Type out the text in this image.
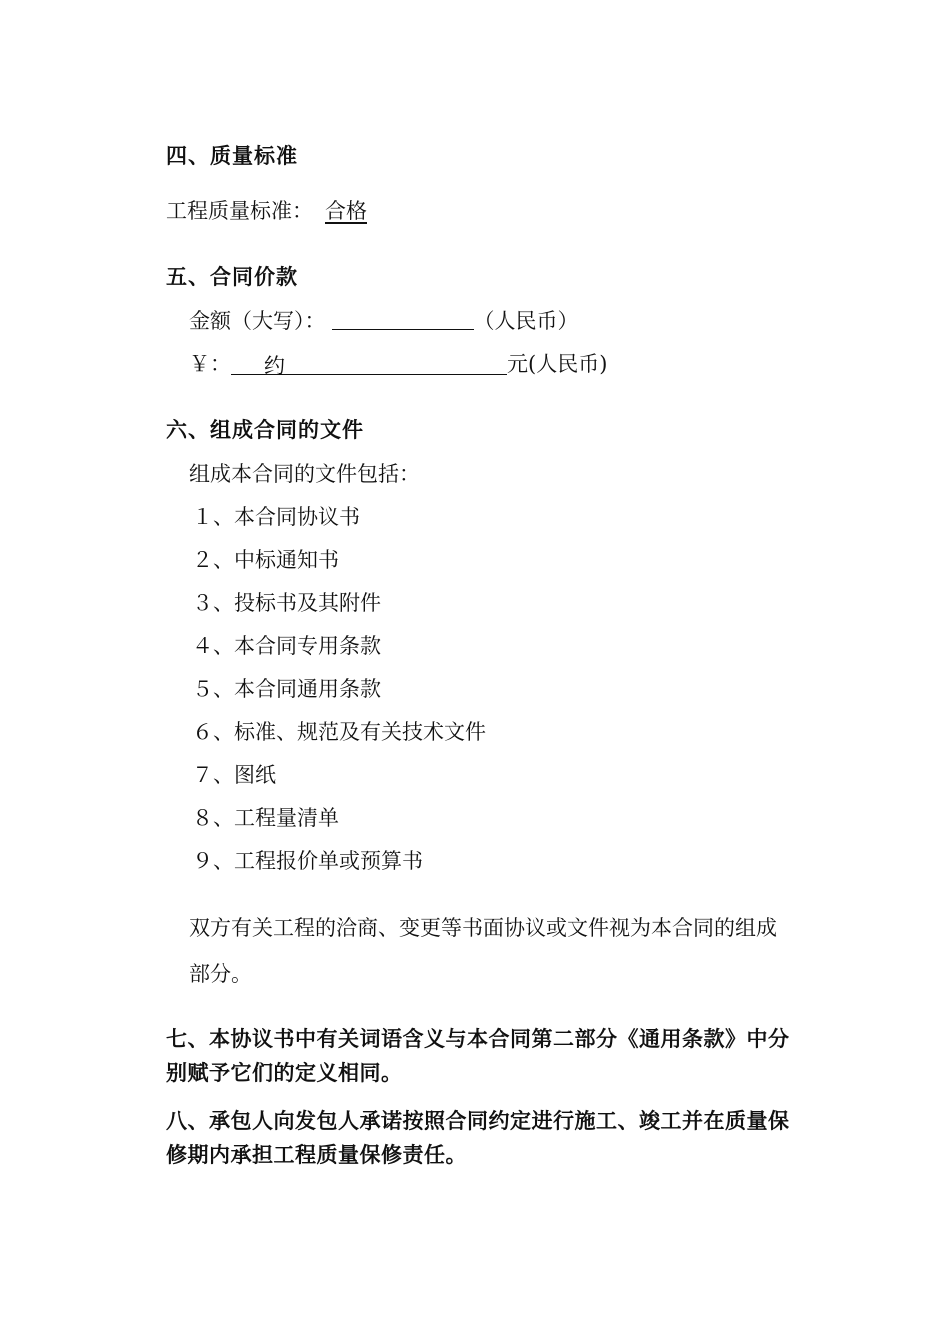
四、质量标准
工程质量标准： 合格
五、合同价款
金额（大写）：	（人民币）
￥： 约	元(人民币)
六、组成合同的文件
组成本合同的文件包括：
１、本合同协议书
２、中标通知书
３、投标书及其附件
４、本合同专用条款
５、本合同通用条款
６、标准、规范及有关技术文件
７、图纸
８、工程量清单
９、工程报价单或预算书
双方有关工程的洽商、变更等书面协议或文件视为本合同的组成部分。
七、本协议书中有关词语含义与本合同第二部分《通用条款》中分别赋予它们的定义相同。
八、承包人向发包人承诺按照合同约定进行施工、竣工并在质量保修期内承担工程质量保修责任。
